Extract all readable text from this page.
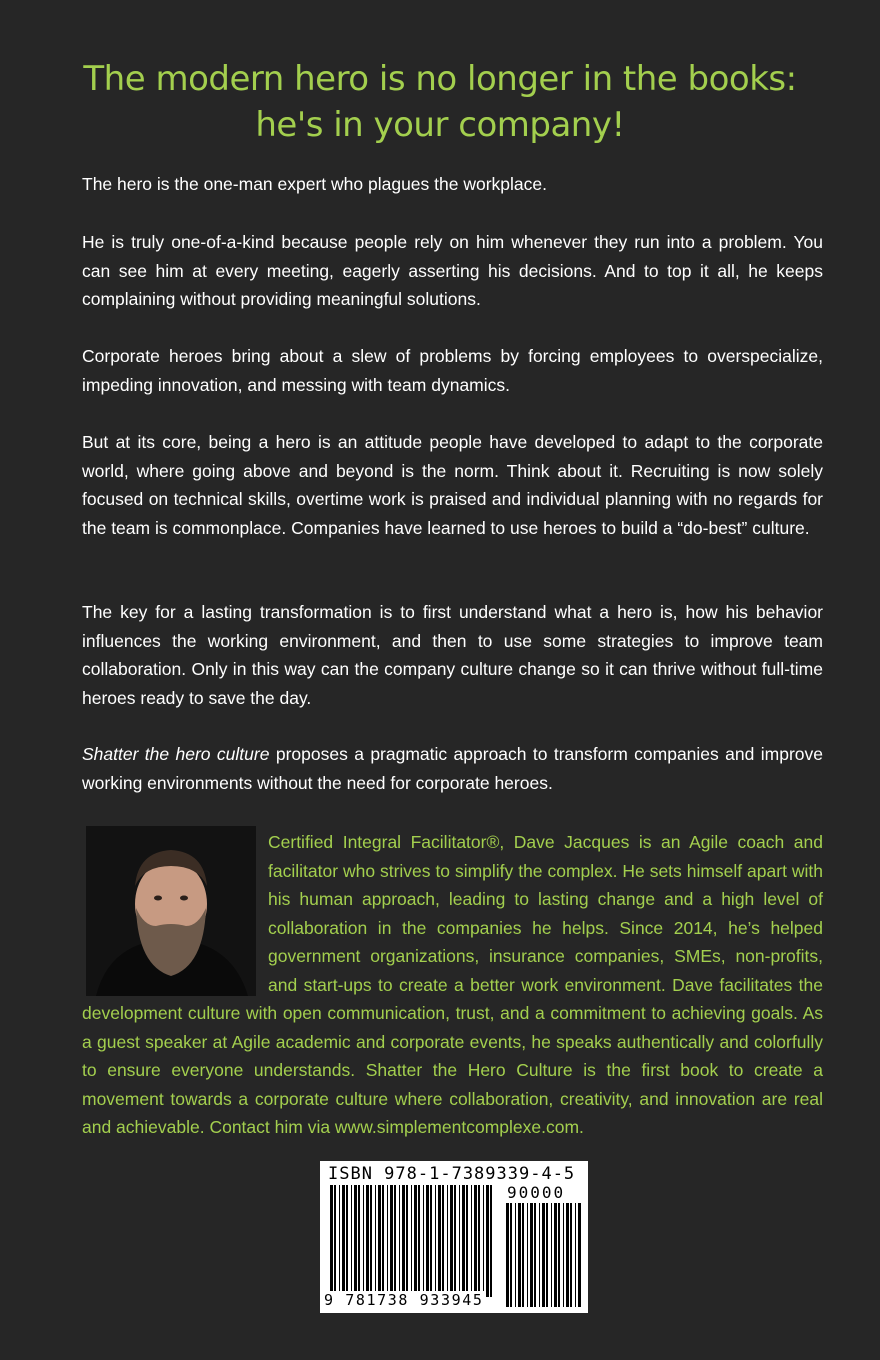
The modern hero is no longer in the books:
he's in your company!

The hero is the one-man expert who plagues the workplace.

He is truly one-of-a-kind because people rely on him whenever they run into a problem. You can see him at every meeting, eagerly asserting his decisions. And to top it all, he keeps complaining without providing meaningful solutions.

Corporate heroes bring about a slew of problems by forcing employees to overspecialize, impeding innovation, and messing with team dynamics.

But at its core, being a hero is an attitude people have developed to adapt to the corporate world, where going above and beyond is the norm. Think about it. Recruiting is now solely focused on technical skills, overtime work is praised and individual planning with no regards for the team is commonplace. Companies have learned to use heroes to build a “do-best” culture.

The key for a lasting transformation is to first understand what a hero is, how his behavior influences the working environment, and then to use some strategies to improve team collaboration. Only in this way can the company culture change so it can thrive without full-time heroes ready to save the day.

Shatter the hero culture proposes a pragmatic approach to transform companies and improve working environments without the need for corporate heroes.

Certified Integral Facilitator®, Dave Jacques is an Agile coach and facilitator who strives to simplify the complex. He sets himself apart with his human approach, leading to lasting change and a high level of collaboration in the companies he helps. Since 2014, he’s helped government organizations, insurance companies, SMEs, non-profits, and start-ups to create a better work environment. Dave facilitates the development culture with open communication, trust, and a commitment to achieving goals. As a guest speaker at Agile academic and corporate events, he speaks authentically and colorfully to ensure everyone understands. Shatter the Hero Culture is the first book to create a movement towards a corporate culture where collaboration, creativity, and innovation are real and achievable. Contact him via www.simplementcomplexe.com.
ISBN 978-1-7389339-4-5
90000
9 781738 933945
